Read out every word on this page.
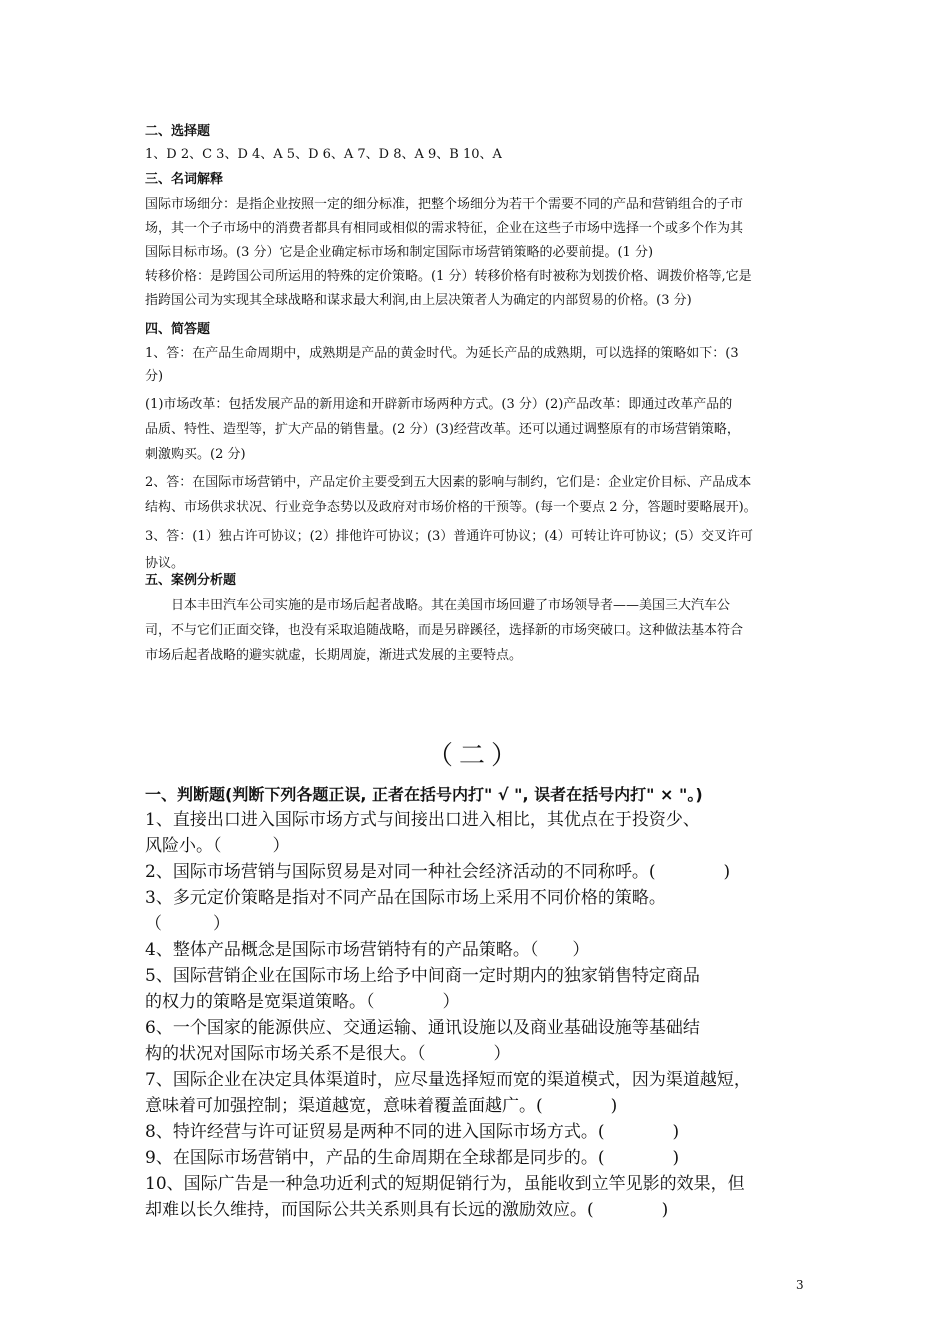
二、选择题
1、D 2、C 3、D 4、A 5、D 6、A 7、D 8、A 9、B 10、A
三、名词解释
国际市场细分：是指企业按照一定的细分标准，把整个场细分为若干个需要不同的产品和营销组合的子市
场，其一个子市场中的消费者都具有相同或相似的需求特征，企业在这些子市场中选择一个或多个作为其
国际目标市场。(3 分）它是企业确定标市场和制定国际市场营销策略的必要前提。(1 分)
转移价格：是跨国公司所运用的特殊的定价策略。(1 分）转移价格有时被称为划拨价格、调拨价格等,它是
指跨国公司为实现其全球战略和谋求最大利润,由上层决策者人为确定的内部贸易的价格。(3 分)
四、简答题
1、答：在产品生命周期中，成熟期是产品的黄金时代。为延长产品的成熟期，可以选择的策略如下：(3
分)
(1)市场改革：包括发展产品的新用途和开辟新市场两种方式。(3 分）(2)产品改革：即通过改革产品的
品质、特性、造型等，扩大产品的销售量。(2 分）(3)经营改革。还可以通过调整原有的市场营销策略，
刺激购买。(2 分)
2、答：在国际市场营销中，产品定价主要受到五大因素的影响与制约，它们是：企业定价目标、产品成本
结构、市场供求状况、行业竞争态势以及政府对市场价格的干预等。(每一个要点 2 分，答题时要略展开)。
3、答：(1）独占许可协议；(2）排他许可协议；(3）普通许可协议；(4）可转让许可协议；(5）交叉许可
协议。
五、案例分析题
日本丰田汽车公司实施的是市场后起者战略。其在美国市场回避了市场领导者——美国三大汽车公
司，不与它们正面交锋，也没有采取追随战略，而是另辟蹊径，选择新的市场突破口。这种做法基本符合
市场后起者战略的避实就虚，长期周旋，渐进式发展的主要特点。
（二）
一、判断题(判断下列各题正误, 正者在括号内打" √ ", 误者在括号内打" × "。)
1、直接出口进入国际市场方式与间接出口进入相比，其优点在于投资少、
风险小。（　　　）
2、国际市场营销与国际贸易是对同一种社会经济活动的不同称呼。(　　　　)
3、多元定价策略是指对不同产品在国际市场上采用不同价格的策略。
（　　　）
4、整体产品概念是国际市场营销特有的产品策略。（　　）
5、国际营销企业在国际市场上给予中间商一定时期内的独家销售特定商品
的权力的策略是宽渠道策略。（　　　　）
6、一个国家的能源供应、交通运输、通讯设施以及商业基础设施等基础结
构的状况对国际市场关系不是很大。（　　　　）
7、国际企业在决定具体渠道时，应尽量选择短而宽的渠道模式，因为渠道越短，
意味着可加强控制；渠道越宽，意味着覆盖面越广。(　　　　)
8、特许经营与许可证贸易是两种不同的进入国际市场方式。(　　　　)
9、在国际市场营销中，产品的生命周期在全球都是同步的。(　　　　)
10、国际广告是一种急功近利式的短期促销行为，虽能收到立竿见影的效果，但
却难以长久维持，而国际公共关系则具有长远的激励效应。(　　　　)
3
